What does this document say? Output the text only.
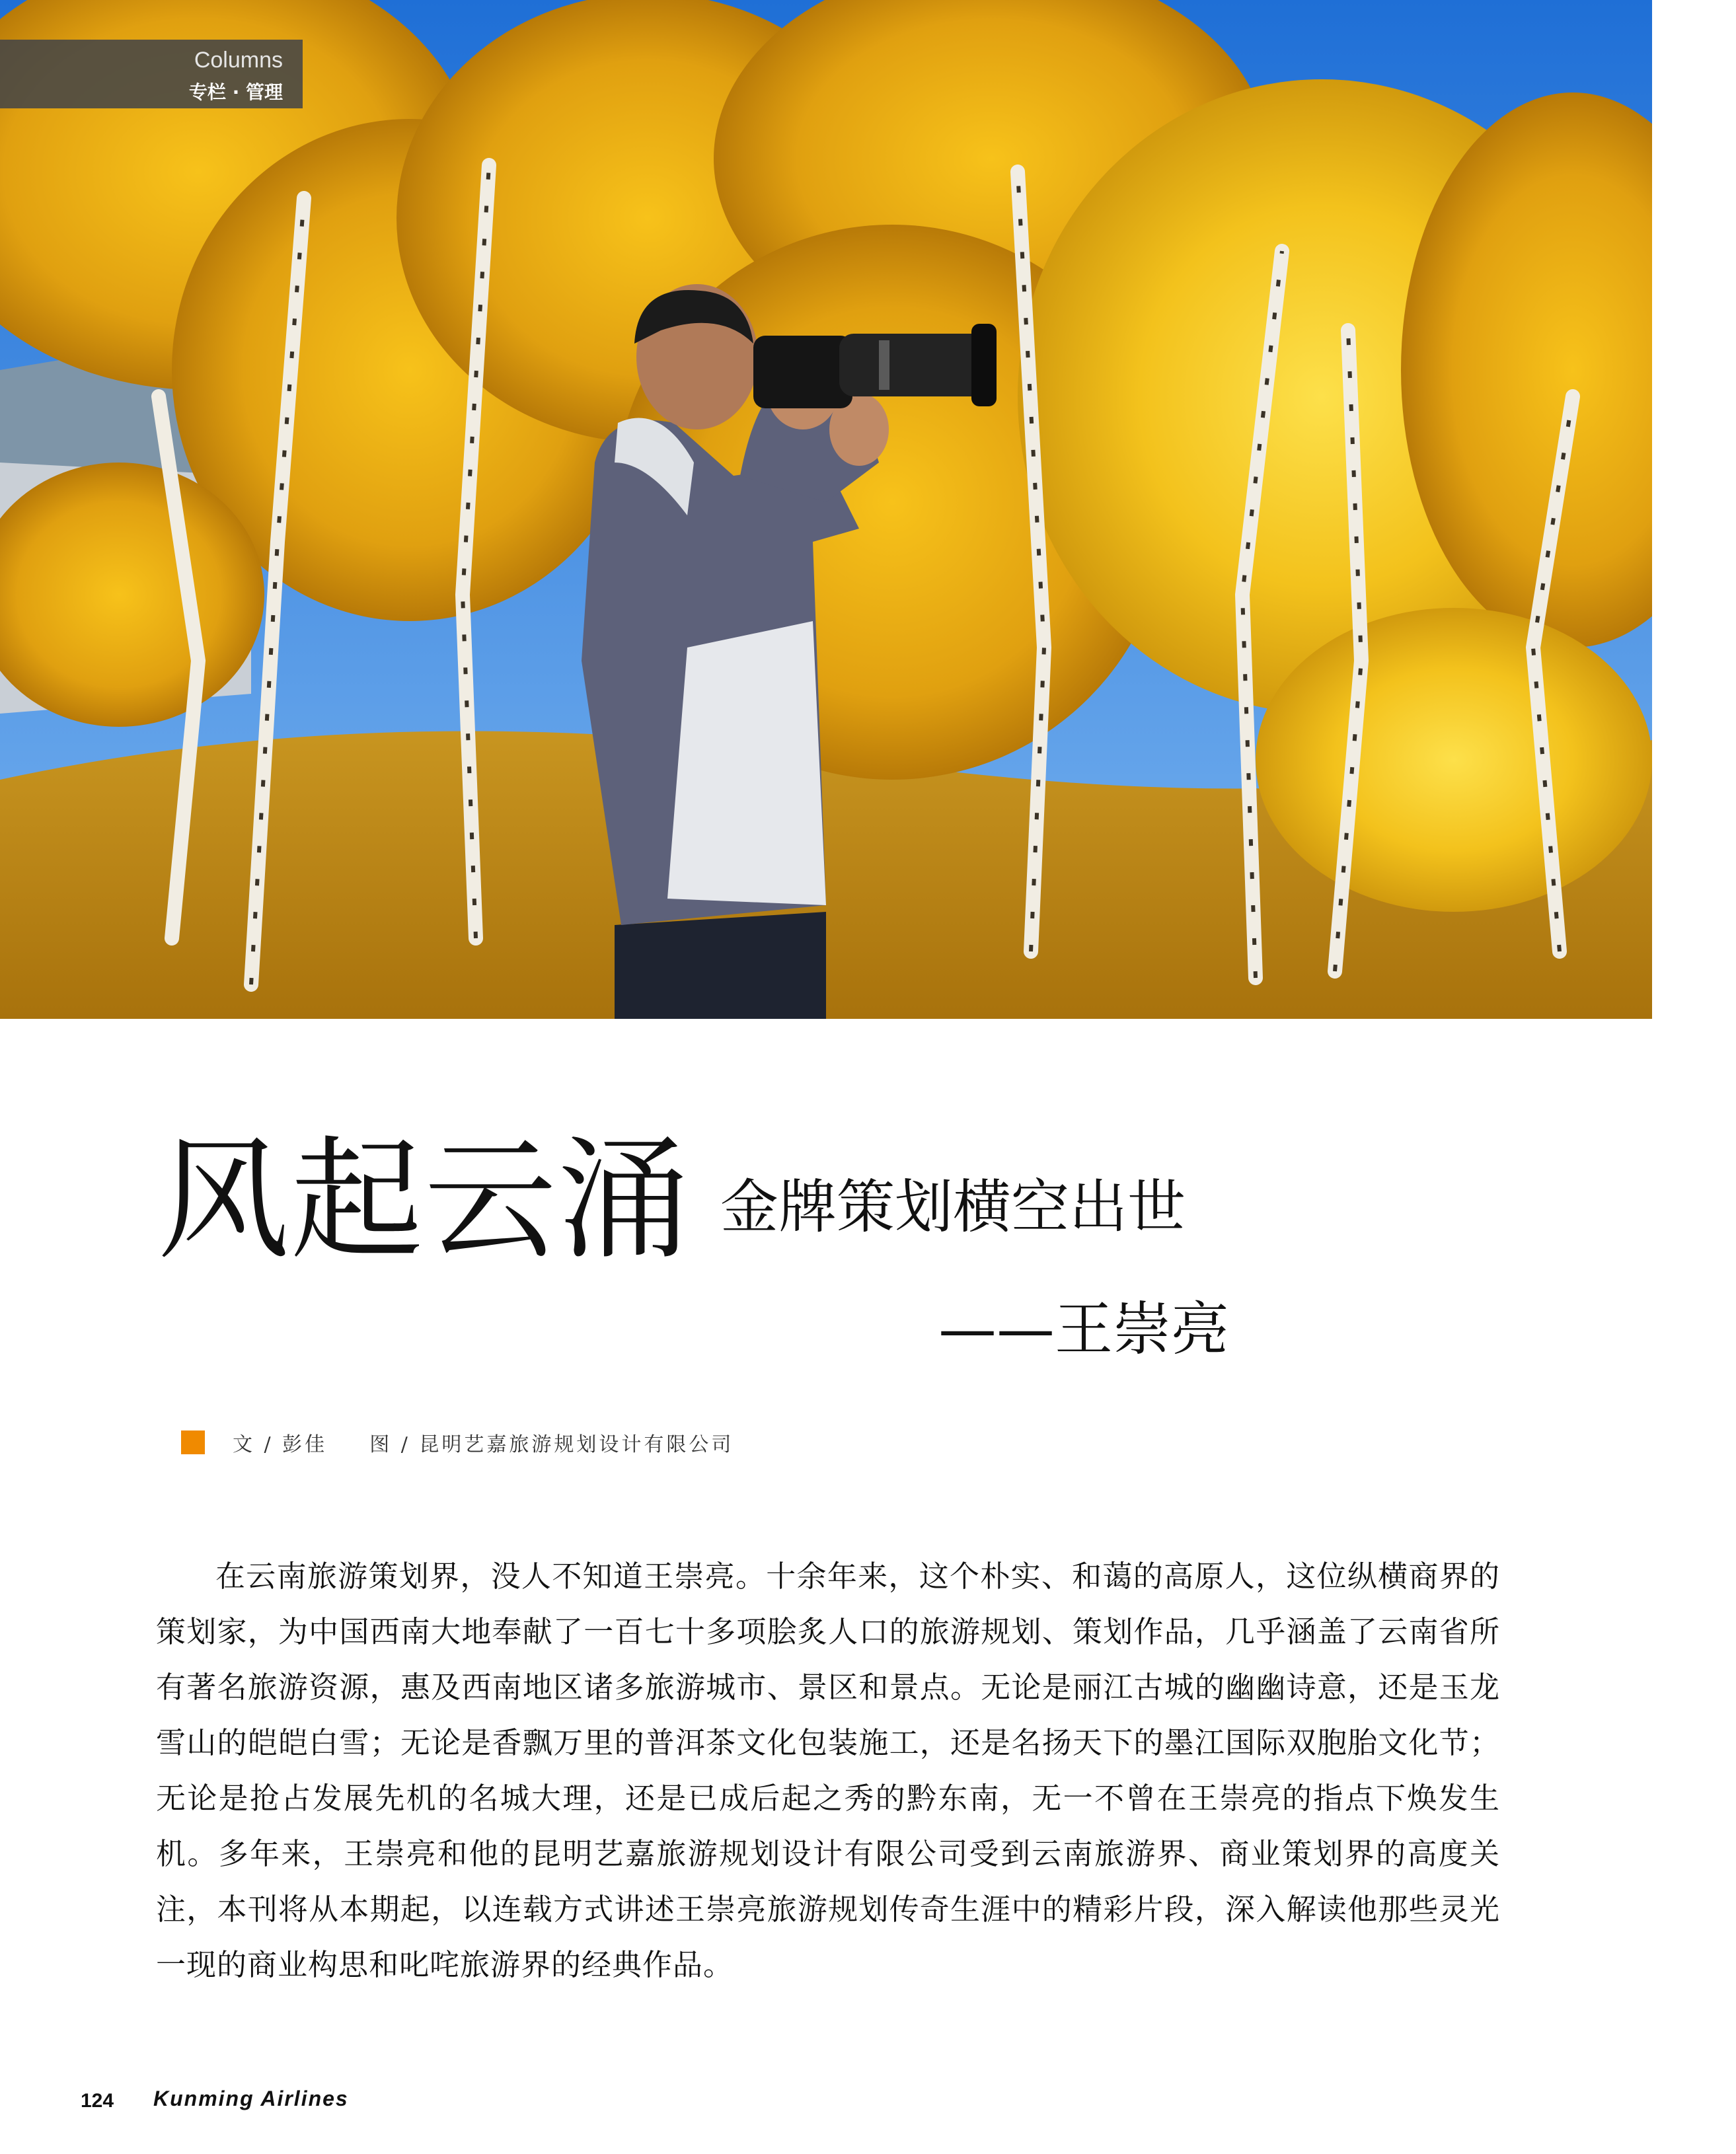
Columns
专栏 · 管理
风起云涌 金牌策划横空出世
——王崇亮
文 / 彭佳 图 / 昆明艺嘉旅游规划设计有限公司

在云南旅游策划界，没人不知道王崇亮。十余年来，这个朴实、和蔼的高原人，这位纵横商界的策划家，为中国西南大地奉献了一百七十多项脍炙人口的旅游规划、策划作品，几乎涵盖了云南省所有著名旅游资源，惠及西南地区诸多旅游城市、景区和景点。无论是丽江古城的幽幽诗意，还是玉龙雪山的皑皑白雪；无论是香飘万里的普洱茶文化包装施工，还是名扬天下的墨江国际双胞胎文化节；无论是抢占发展先机的名城大理，还是已成后起之秀的黔东南，无一不曾在王崇亮的指点下焕发生机。多年来，王崇亮和他的昆明艺嘉旅游规划设计有限公司受到云南旅游界、商业策划界的高度关注，本刊将从本期起，以连载方式讲述王崇亮旅游规划传奇生涯中的精彩片段，深入解读他那些灵光一现的商业构思和叱咤旅游界的经典作品。

124 Kunming Airlines
